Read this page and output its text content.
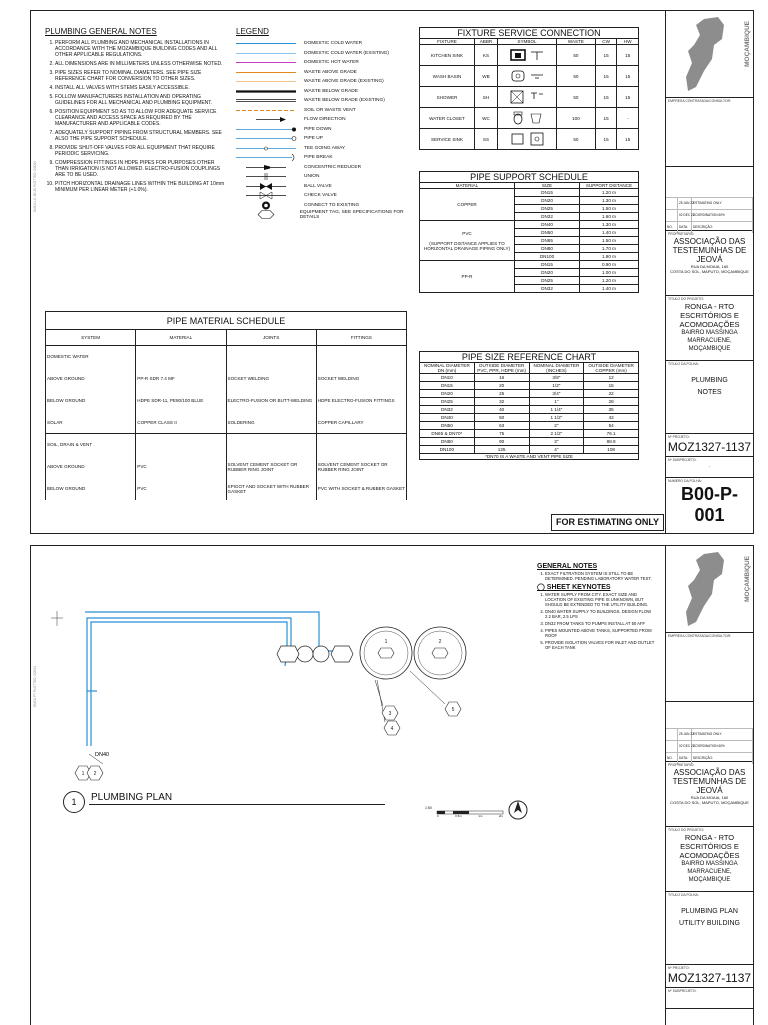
DMCA LC: 60 20 PLOTTED: 2/2024
PLUMBING GENERAL NOTES
1. PERFORM ALL PLUMBING AND MECHANICAL INSTALLATIONS IN ACCORDANCE WITH THE MOZAMBIQUE BUILDING CODES AND ALL OTHER APPLICABLE REGULATIONS.
2. ALL DIMENSIONS ARE IN MILLIMETERS UNLESS OTHERWISE NOTED.
3. PIPE SIZES REFER TO NOMINAL DIAMETERS. SEE PIPE SIZE REFERENCE CHART FOR CONVERSION TO OTHER SIZES.
4. INSTALL ALL VALVES WITH STEMS EASILY ACCESSIBLE.
5. FOLLOW MANUFACTURERS INSTALLATION AND OPERATING GUIDELINES FOR ALL MECHANICAL AND PLUMBING EQUIPMENT.
6. POSITION EQUIPMENT SO AS TO ALLOW FOR ADEQUATE SERVICE CLEARANCE AND ACCESS SPACE AS REQUIRED BY THE MANUFACTURER AND APPLICABLE CODES.
7. ADEQUATELY SUPPORT PIPING FROM STRUCTURAL MEMBERS. SEE ALSO THE PIPE SUPPORT SCHEDULE.
8. PROVIDE SHUT-OFF VALVES FOR ALL EQUIPMENT THAT REQUIRE PERIODIC SERVICING.
9. COMPRESSION FITTINGS IN HDPE PIPES FOR PURPOSES OTHER THAN IRRIGATION IS NOT ALLOWED. ELECTRO-FUSION COUPLINGS ARE TO BE USED.
10. PITCH HORIZONTAL DRAINAGE LINES WITHIN THE BUILDING AT 10mm MINIMUM PER LINEAR METER (+1.0%).
LEGEND
DOMESTIC COLD WATER
DOMESTIC COLD WATER (EXISTING)
DOMESTIC HOT WATER
WASTE ABOVE GRADE
WASTE ABOVE GRADE (EXISTING)
WASTE BELOW GRADE
WASTE BELOW GRADE (EXISTING)
SOIL OR WASTE VENT
FLOW DIRECTION
PIPE DOWN
PIPE UP
TEE GOING AWAY
PIPE BREAK
CONCENTRIC REDUCER
UNION
BALL VALVE
CHECK VALVE
CONNECT TO EXISTING
EQUIPMENT TAG, SEE SPECIFICATIONS FOR DETAILS
FIXTURE SERVICE CONNECTION					
FIXTURE	ABBR	SYMBOL	WASTE	CW	HW
KITCHEN SINK	KS		50	15	15
WASH BASIN	WB		50	15	15
SHOWER	SH		50	15	15
WATER CLOSET	WC		100	15	-
SERVICE SINK	SS		50	15	15
PIPE SUPPORT SCHEDULE		
MATERIAL	SIZE	SUPPORT DISTANCE

COPPER	DN15	1.20 m
	DN20	1.30 m
	DN25	1.50 m
	DN32	1.60 m

PVC
(SUPPORT DISTANCE APPLIES TO HORIZONTAL DRAINAGE PIPING ONLY)	DN40	1.30 m
	DN50	1.40 m
	DN65	1.50 m
	DN80	1.70 m
	DN100	1.90 m

PP-R	DN15	0.90 m
	DN20	1.00 m
	DN25	1.20 m
	DN32	1.40 m
PIPE SIZE REFERENCE CHART			
NOMINAL DIAMETER DN (mm)	OUTSIDE DIAMETER PVC, PPR, HDPE (mm)	NOMINAL DIAMETER (INCHES)	OUTSIDE DIAMETER COPPER (mm)
DN10	16	3/8"	12
DN15	20	1/2"	15
DN20	25	3/4"	22
DN25	32	1"	28
DN32	40	1 1/4"	35
DN40	50	1 1/2"	42
DN50	63	2"	54
DN65 & DN70*	75	2 1/2"	76.1
DN80	90	3"	88.9
DN100	125	4"	108
*DN70 IS A WASTE AND VENT PIPE SIZE			
PIPE MATERIAL SCHEDULE			
SYSTEM	MATERIAL	JOINTS	FITTINGS
DOMESTIC WATER			
ABOVE GROUND	PP-R SDR 7.4 MF	SOCKET WELDING	SOCKET WELDING
BELOW GROUND	HDPE SDR-11, PE80/100 BLUE	ELECTRO-FUSION OR BUTT-WELDING	HDPE ELECTRO-FUSION FITTINGS
SOLAR	COPPER CLASS II	SOLDERING	COPPER CAPILLARY
SOIL, DRAIN & VENT			
ABOVE GROUND	PVC	SOLVENT CEMENT SOCKET OR RUBBER RING JOINT	SOLVENT CEMENT SOCKET OR RUBBER RING JOINT
BELOW GROUND	PVC	SPIGOT AND SOCKET WITH RUBBER GASKET	PVC WITH SOCKET & RUBBER GASKET
FOR ESTIMATING ONLY
MOÇAMBIQUE
EMPRESA CONTRATADA/CONSULTOR:
25 JAN 22 ESTIMATING ONLY
02 DEC 22
COORDINATION 60%
NO.	DATA:	DESCRIÇÃO:
PROPRIETARIO:
ASSOCIAÇÃO DAS
TESTEMUNHAS DE JEOVÁ
RUA DA MOAIA, 160
COSTA DO SOL, MAPUTO, MOÇAMBIQUE
TITULO DO PROJETO:
RONGA - RTO
ESCRITÓRIOS E ACOMODAÇÕES
BAIRRO MASSINGA
MARRACUENE, MOÇAMBIQUE
TITULO DA FOLHA:
PLUMBING
NOTES
Nº PROJETO:
MOZ1327-1137
Nº SUBPROJETO:
-
NUMERO DA FOLHA:
B00-P-001
DMCA PT PLOTTED: 2/2024
3
4
5
1 2
1	2
DN40
1	PLUMBING PLAN
1:50
0	0.5m	1m	2m
GENERAL NOTES
1. EXACT FILTRATION SYSTEM IS STILL TO BE DETERMINED. PENDING LABORATORY WATER TEST.
◯ SHEET KEYNOTES
1. WATER SUPPLY FROM CITY. EXACT SIZE AND LOCATION OF EXISTING PIPE IS UNKNOWN, BUT SHOULD BE EXTENDED TO THE UTILITY BUILDING.
2. DN40 WATER SUPPLY TO BUILDINGS. DESIGN FLOW 2.2 BAR, 2.5 LPS
3. DN32 FROM TANKS TO PUMPS INSTALL AT 50 AFF
4. PIPES MOUNTED ABOVE TANKS, SUPPORTED FROM ROOF
5. PROVIDE ISOLATION VALVES FOR INLET AND OUTLET OF EACH TANK
MOÇAMBIQUE
EMPRESA CONTRATADA/CONSULTOR:
25 JAN 22 ESTIMATING ONLY
02 DEC 22
COORDINATION 60%
NO.	DATA:	DESCRIÇÃO:
PROPRIETARIO:
ASSOCIAÇÃO DAS
TESTEMUNHAS DE JEOVÁ
RUA DA MOAIA, 160
COSTA DO SOL, MAPUTO, MOÇAMBIQUE
TITULO DO PROJETO:
RONGA - RTO
ESCRITÓRIOS E ACOMODAÇÕES
BAIRRO MASSINGA
MARRACUENE, MOÇAMBIQUE
TITULO DA FOLHA:
PLUMBING PLAN
UTILITY BUILDING
Nº PROJETO:
MOZ1327-1137
Nº SUBPROJETO:
